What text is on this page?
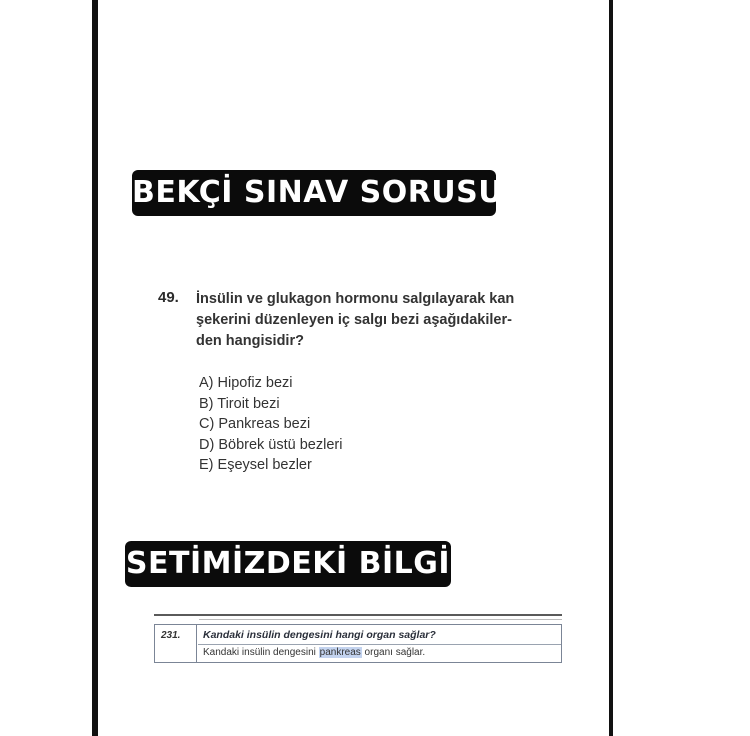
BEKÇİ SINAV SORUSU
49. İnsülin ve glukagon hormonu salgılayarak kan
şekerini düzenleyen iç salgı bezi aşağıdakiler-
den hangisidir?
A) Hipofiz bezi
B) Tiroit bezi
C) Pankreas bezi
D) Böbrek üstü bezleri
E) Eşeysel bezler
SETİMİZDEKİ BİLGİ
231.	Kandaki insülin dengesini hangi organ sağlar?
Kandaki insülin dengesini pankreas organı sağlar.
